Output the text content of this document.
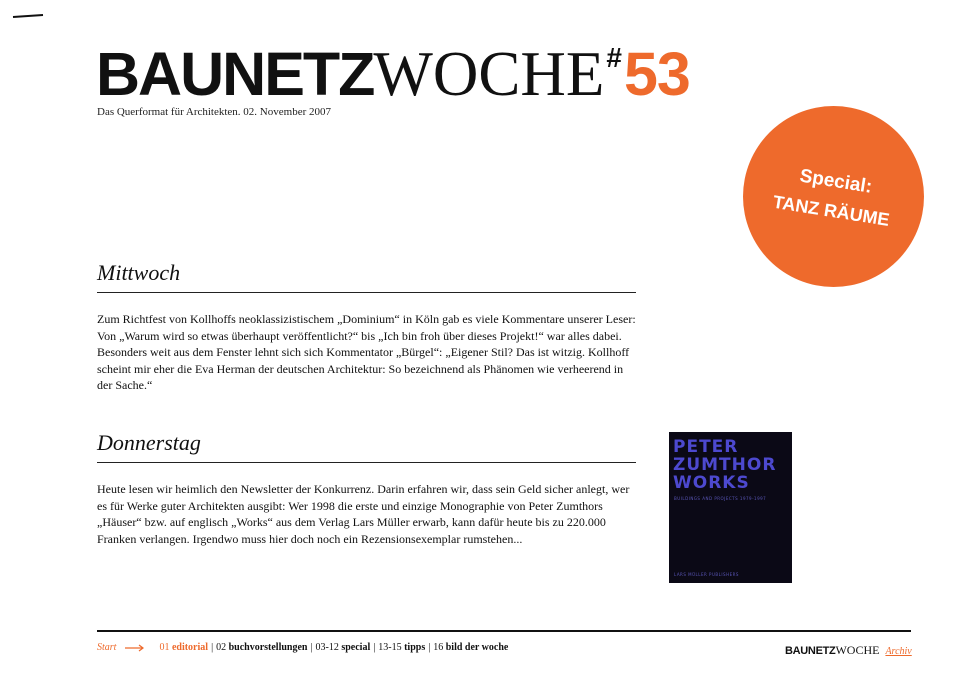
BAUNETZWOCHE#53
Das Querformat für Architekten. 02. November 2007
Special:
TANZ RÄUME
Mittwoch

Zum Richtfest von Kollhoffs neoklassizistischem „Dominium“ in Köln gab es viele Kommentare unserer Leser: Von „Warum wird so etwas überhaupt veröffentlicht?“ bis „Ich bin froh über dieses Projekt!“ war alles dabei. Besonders weit aus dem Fenster lehnt sich sich Kommentator „Bürgel“: „Eigener Stil? Das ist witzig. Kollhoff scheint mir eher die Eva Herman der deutschen Architektur: So bezeichnend als Phänomen wie verheerend in der Sache.“

Donnerstag

Heute lesen wir heimlich den Newsletter der Konkurrenz. Darin erfahren wir, dass sein Geld sicher anlegt, wer es für Werke guter Architekten ausgibt: Wer 1998 die erste und einzige Monographie von Peter Zumthors „Häuser“ bzw. auf englisch „Works“ aus dem Verlag Lars Müller erwarb, kann dafür heute bis zu 220.000 Franken verlangen. Irgendwo muss hier doch noch ein Rezensionsexemplar rumstehen...

PETER
ZUMTHOR
WORKS
BUILDINGS AND PROJECTS 1979-1997
LARS MÜLLER PUBLISHERS
Start	01 editorial | 02 buchvorstellungen | 03-12 special | 13-15 tipps | 16 bild der woche	BAUNETZWOCHE Archiv
